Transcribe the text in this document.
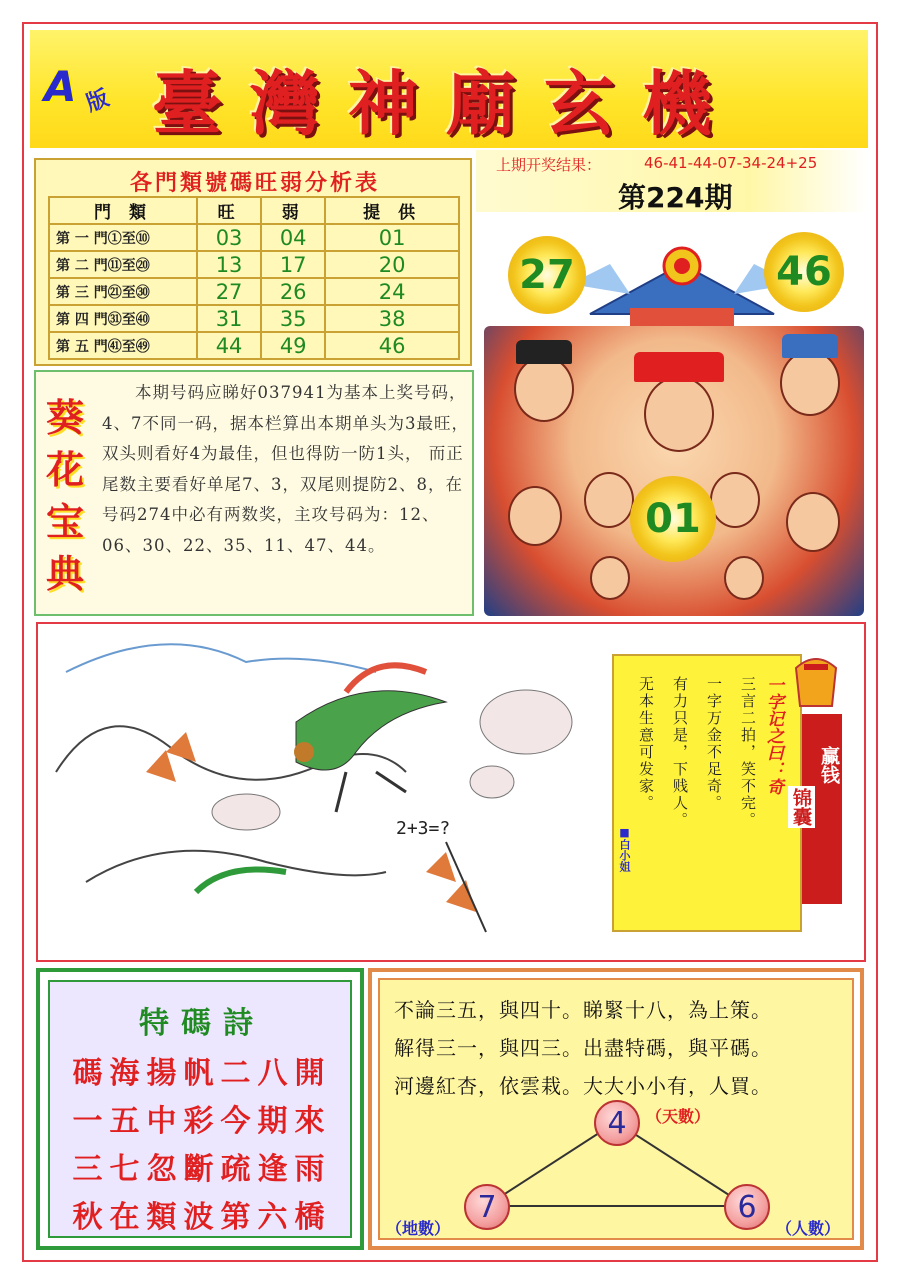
A 版 臺灣神廟玄機
上期开奖结果：	46-41-44-07-34-24+25
第224期
各門類號碼旺弱分析表
門 類	旺	弱	提 供
第 一 門①至⑩	03	04	01
第 二 門⑪至⑳	13	17	20
第 三 門㉑至㉚	27	26	24
第 四 門㉛至㊵	31	35	38
第 五 門㊶至㊾	44	49	46
葵
花
宝
典
本期号码应睇好037941为基本上奖号码，4、7不同一码，据本栏算出本期单头为3最旺，双头则看好4为最佳，但也得防一防1头， 而正尾数主要看好单尾7、3，双尾则提防2、8，在号码274中必有两数奖，主攻号码为：12、06、30、22、35、11、47、44。
27	46
01
2+3=?
无本生意可发家。 有力只是，下贱人。 一字万金不足奇。 三言二拍，笑不完。 一字记之曰：奇
■白小姐
赢钱
锦囊
特碼詩
碼海揚帆二八開
一五中彩今期來
三七忽斷疏逢雨
秋在類波第六橋
不論三五，與四十。睇緊十八，為上策。
解得三一，與四三。出盡特碼，與平碼。
河邊紅杏，依雲栽。大大小小有，人買。
4	（天數）
7
（地數）
6
（人數）
